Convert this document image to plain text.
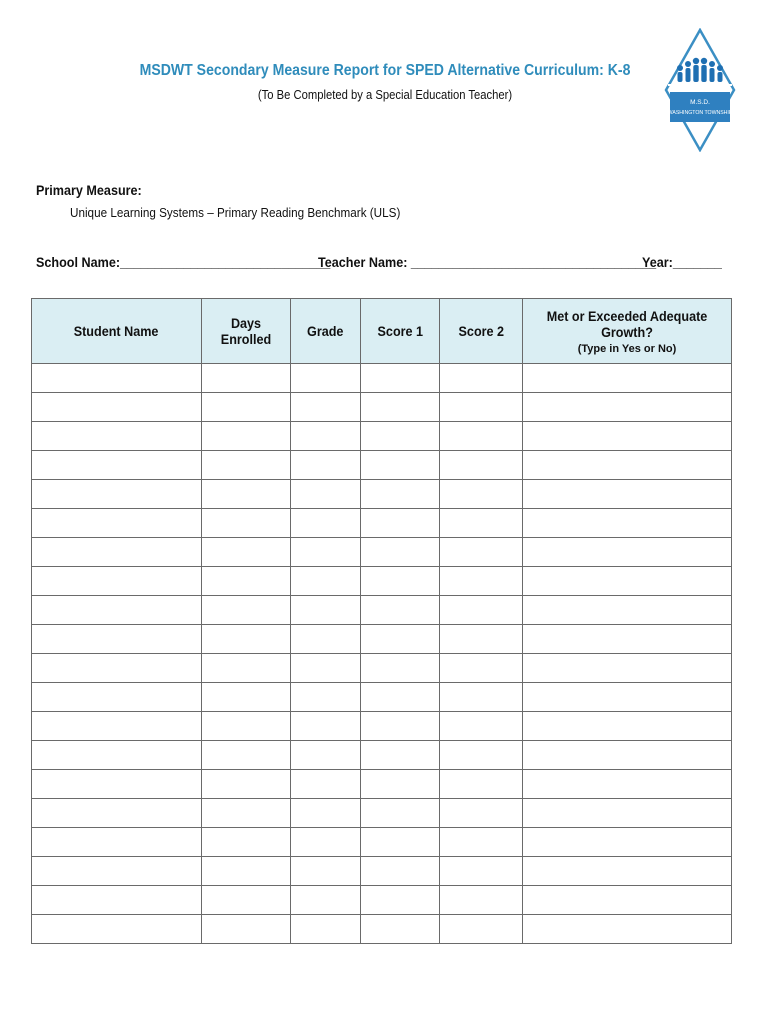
MSDWT Secondary Measure Report for SPED Alternative Curriculum: K-8
(To Be Completed by a Special Education Teacher)
M.S.D.
WASHINGTON TOWNSHIP
Primary Measure:
Unique Learning Systems – Primary Reading Benchmark (ULS)
School Name:______________________________
Teacher Name: ___________________________________
Year:_______
Student Name	Days Enrolled	Grade	Score 1	Score 2	Met or Exceeded Adequate Growth?
(Type in Yes or No)
